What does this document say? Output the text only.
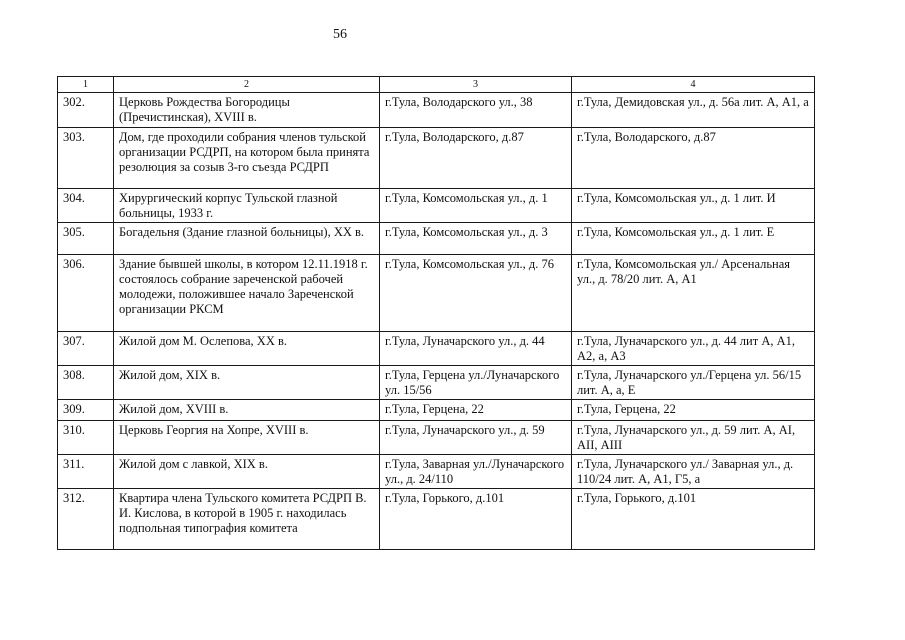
56
1	2	3	4
302.	Церковь Рождества Богородицы (Пречистинская), XVIII в.	г.Тула, Володарского ул., 38	г.Тула, Демидовская ул., д. 56а лит. А, А1, а
303.	Дом, где проходили собрания членов тульской организации РСДРП, на котором была принята резолюция за созыв 3-го съезда РСДРП	г.Тула, Володарского, д.87	г.Тула, Володарского, д.87
304.	Хирургический корпус Тульской глазной больницы, 1933 г.	г.Тула, Комсомольская ул., д. 1	г.Тула, Комсомольская ул., д. 1 лит. И
305.	Богадельня (Здание глазной больницы), XX в.	г.Тула, Комсомольская ул., д. 3	г.Тула, Комсомольская ул., д. 1 лит. Е
306.	Здание бывшей школы, в котором 12.11.1918 г. состоялось собрание зареченской рабочей молодежи, положившее начало Зареченской организации РКСМ	г.Тула, Комсомольская ул., д. 76	г.Тула, Комсомольская ул./ Арсенальная ул., д. 78/20 лит. А, А1
307.	Жилой дом М. Ослепова, XX в.	г.Тула, Луначарского ул., д. 44	г.Тула, Луначарского ул., д. 44 лит А, А1, А2, а, А3
308.	Жилой дом, XIX в.	г.Тула, Герцена ул./Луначарского ул. 15/56	г.Тула, Луначарского ул./Герцена ул. 56/15 лит. А, а, Е
309.	Жилой дом, XVIII в.	г.Тула, Герцена, 22	г.Тула, Герцена, 22
310.	Церковь Георгия на Хопре, XVIII в.	г.Тула, Луначарского ул., д. 59	г.Тула, Луначарского ул., д. 59 лит. А, АI, АII, АIII
311.	Жилой дом с лавкой, XIX в.	г.Тула, Заварная ул./Луначарского ул., д. 24/110	г.Тула, Луначарского ул./ Заварная ул., д. 110/24 лит. А, А1, Г5, а
312.	Квартира члена Тульского комитета РСДРП В. И. Кислова, в которой в 1905 г. находилась подпольная типография комитета	г.Тула, Горького, д.101	г.Тула, Горького, д.101
